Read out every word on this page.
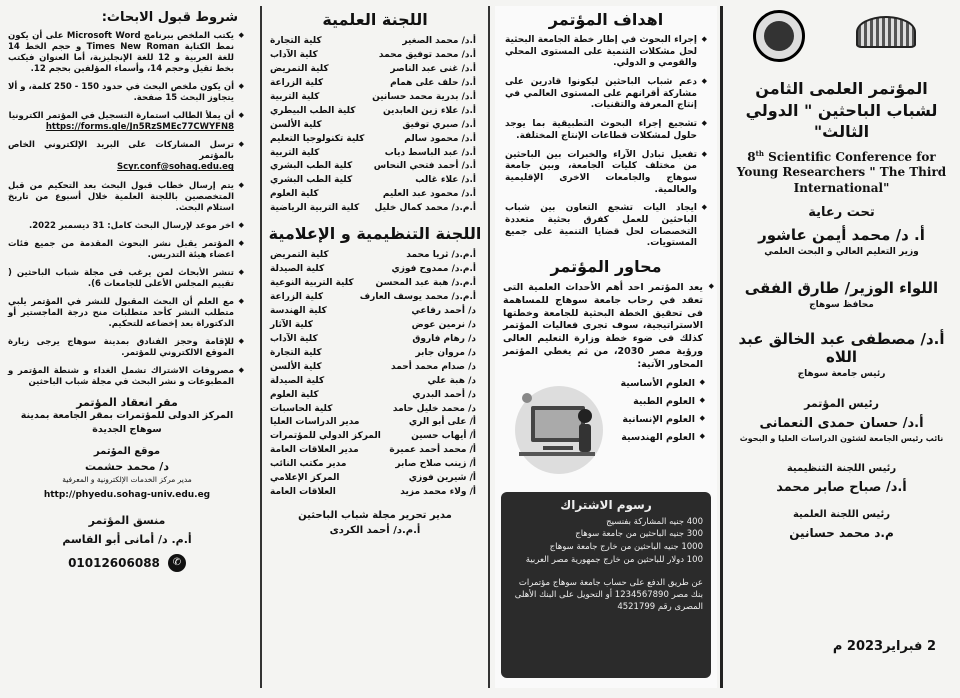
المؤتمر العلمى الثامن لشباب الباحثين " الدولي الثالث"
8th Scientific Conference for Young Researchers " The Third International"
تحت رعاية
أ. د/ محمد أيمن عاشور
وزير التعليم العالي و البحث العلمي
اللواء الوزير/ طارق الفقى
محافظ سوهاج
أ.د/ مصطفى عبد الخالق عبد اللاه
رئيس جامعة سوهاج
رئيس المؤتمر
أ.د/ حسان حمدى النعمانى
نائب رئيس الجامعة لشئون الدراسات العليا و البحوث
رئيس اللجنة التنظيمية
أ.د/ صباح صابر محمد
رئيس اللجنة العلمية
م.د محمد حسانين
2 فبراير2023 م
اهداف المؤتمر
◆ إجراء البحوث في إطار خطة الجامعة البحثية لحل مشكلات التنمية على المستوى المحلي والقومي و الدولي.
◆ دعم شباب الباحثين ليكونوا قادرين على مشاركة أقرانهم على المستوى العالمي في إنتاج المعرفة والتقنيات.
◆ تشجيع إجراء البحوث التطبيقية بما يوجد حلول لمشكلات قطاعات الإنتاج المختلفة.
◆ تفعيل تبادل الآراء والخبرات بين الباحثين من مختلف كليات الجامعة، وبين جامعة سوهاج والجامعات الاخرى الإقليمية والعالمية.
◆ ايجاد اليات تشجع التعاون بين شباب الباحثين للعمل كفرق بحثية متعددة التخصصات لحل قضايا التنمية على جميع المستويات.
محاور المؤتمر
◆ يعد المؤتمر احد أهم الأحداث العلمية التى تعقد في رحاب جامعة سوهاج للمساهمة فى تحقيق الخطة البحثية للجامعة وخطتها الاستراتيجية، سوف تجرى فعاليات المؤتمر كذلك فى ضوء خطة وزارة التعليم العالى ورؤية مصر 2030، من ثم يغطي المؤتمر المحاور الآتية:
◆ العلوم الأساسية
◆ العلوم الطبية
◆ العلوم الإنسانية
◆ العلوم الهندسية
رسوم الاشتراك
400 جنيه المشاركة بفنسيج
300 جنيه الباحثين من جامعة سوهاج
1000 جنيه الباحثين من خارج جامعة سوهاج
100 دولار للباحثين من خارج جمهورية مصر العربية
عن طريق الدفع على حساب جامعة سوهاج مؤتمرات بنك مصر 1234567890 أو التحويل على البنك الأهلى المصرى رقم 4521799
اللجنة العلمية
أ.د/ محمد الصغير
كلية التجارة
أ.د/ محمد توفيق محمد
كلية الآداب
أ.د/ غنى عبد الناصر
كلية التمريض
أ.د/ حلف على همام
كلية الزراعة
أ.د/ بدرية محمد حسانين
كلية التربية
أ.د/ علاء زين العابدين
كلية الطب البيطري
أ.د/ صبري توفيق
كلية الألسن
أ.د/ محمود سالم
كلية تكنولوجيا التعليم
أ.د/ عبد الباسط دياب
كلية التربية
أ.د/ أحمد فتحي النحاس
كلية الطب البشري
أ.د/ علاء غالب
كلية الطب البشري
أ.د/ محمود عبد العليم
كلية العلوم
أ.م.د/ محمد كمال خليل
كلية التربية الرياضية
اللجنة التنظيمية و الإعلامية
أ.م.د/ ثريا محمد
كلية التمريض
أ.م.د/ ممدوح فوزي
كلية الصيدلة
أ.م.د/ هبة عبد المحسن
كلية التربية النوعية
أ.م.د/ محمد يوسف العارف
كلية الزراعة
د/ أحمد رفاعي
كلية الهندسة
د/ نرمين عوض
كلية الآثار
د/ رهام فاروق
كلية الآداب
د/ مروان جابر
كلية التجارة
د/ صدام محمد أحمد
كلية الألسن
د/ هبة علي
كلية الصيدلة
د/ أحمد البدري
كلية العلوم
د/ محمد خليل حامد
كلية الحاسبات
أ/ على أبو الري
مدير الدراسات العليا
أ/ أيهاب حسين
المركز الدولي للمؤتمرات
أ/ محمد أحمد عميرة
مدير العلاقات العامة
أ/ زينب صلاح صابر
مدير مكتب النائب
أ/ شيرين فوزي
المركز الإعلامي
أ/ ولاء محمد مزيد
العلاقات العامة
مدير تحرير مجلة شباب الباحثين
أ.م.د/ أحمد الكردى
شروط قبول الابحاث:
◆ يكتب الملخص ببرنامج Microsoft Word على أن يكون نمط الكتابة Times New Roman و حجم الخط 14 للغة العربية و 12 للغة الإنجليزية، أما العنوان فيكتب بخط ثقيل وحجم 14، وأسماء المؤلفين بحجم 12.
◆ أن يكون ملخص البحث في حدود 150 - 250 كلمة، و ألا يتجاوز البحث 15 صفحة.
◆ أن يملأ الطالب استمارة التسجيل في المؤتمر الكترونيا
https://forms.gle/Jn5RzSMEc77CWYFN8
◆ ترسل المشاركات على البريد الإلكتروني الخاص بالمؤتمر
Scyr.conf@sohag.edu.eg
◆ يتم إرسال خطاب قبول البحث بعد التحكيم من قبل المتخصصين باللجنة العلمية خلال أسبوع من تاريخ استلام البحث.
◆ اخر موعد لإرسال البحث كامل: 31 ديسمبر 2022.
◆ المؤتمر يقبل نشر البحوث المقدمة من جميع فئات اعضاء هيئة التدريس.
◆ تنشر الأبحاث لمن يرغب فى مجلة شباب الباحثين ( تقييم المجلس الأعلى للجامعات 6).
◆ مع العلم أن البحث المقبول للنشر في المؤتمر يلبي متطلب النشر كأحد متطلبات منح درجة الماجستير أو الدكتوراة بعد إخضاعه للتحكيم.
◆ للإقامة وحجز الفنادق بمدينة سوهاج يرجى زيارة الموقع الالكتروني للمؤتمر.
◆ مصروفات الاشتراك تشمل الغداء و شنطة المؤتمر و المطبوعات و نشر البحث في مجلة شباب الباحثين
مقر انعقاد المؤتمر
المركز الدولى للمؤتمرات بمقر الجامعة بمدينة سوهاج الجديدة
موقع المؤتمر
د/ محمد حشمت
مدير مركز الخدمات الإلكترونية و المعرفية
http://phyedu.sohag-univ.edu.eg
منسق المؤتمر
أ.م. د/ أمانى أبو القاسم
01012606088	✆
